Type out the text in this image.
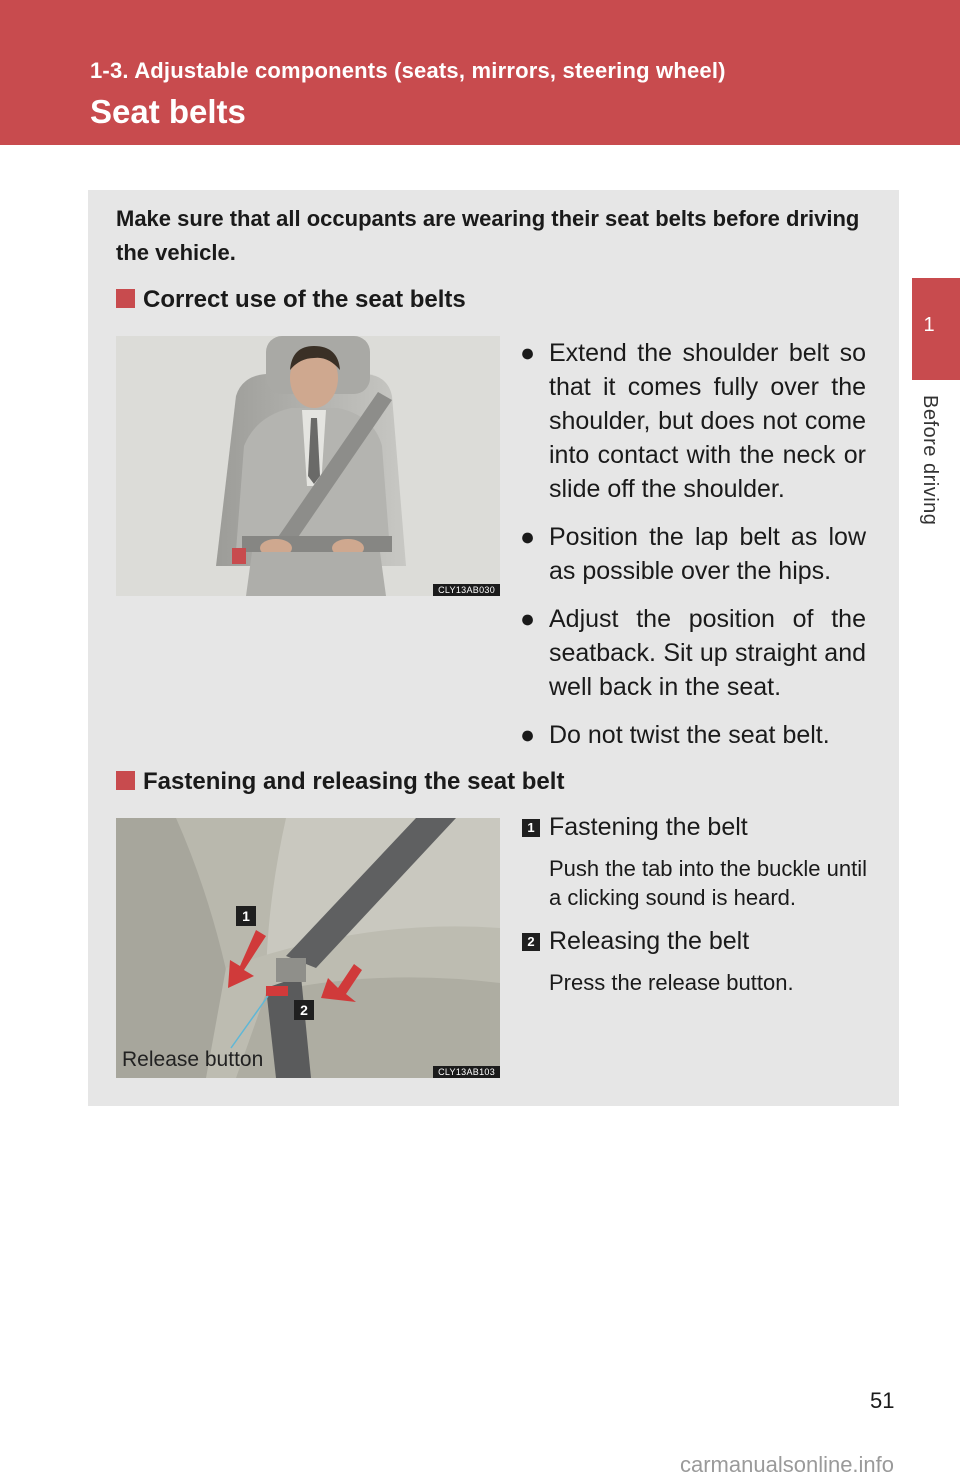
1-3. Adjustable components (seats, mirrors, steering wheel)
Seat belts
1
Before driving
Make sure that all occupants are wearing their seat belts before driving the vehicle.
Correct use of the seat belts
CLY13AB030
● Extend the shoulder belt so that it comes fully over the shoulder, but does not come into contact with the neck or slide off the shoulder.
● Position the lap belt as low as possible over the hips.
● Adjust the position of the seatback. Sit up straight and well back in the seat.
● Do not twist the seat belt.
Fastening and releasing the seat belt
1
2
Release button
CLY13AB103
1 Fastening the belt
Push the tab into the buckle until a clicking sound is heard.
2 Releasing the belt
Press the release button.
51
carmanualsonline.info
